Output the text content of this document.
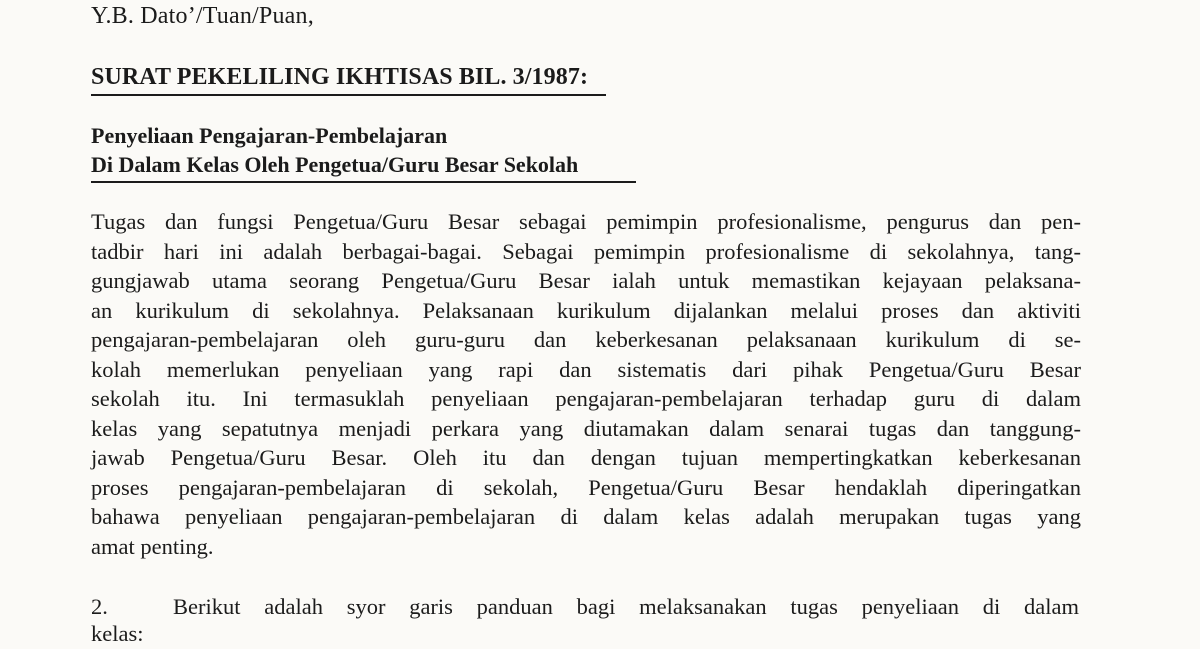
Y.B. Dato’/Tuan/Puan,
SURAT PEKELILING IKHTISAS BIL. 3/1987:
Penyeliaan Pengajaran-Pembelajaran
Di Dalam Kelas Oleh Pengetua/Guru Besar Sekolah
Tugas dan fungsi Pengetua/Guru Besar sebagai pemimpin profesionalisme, pengurus dan pen-
tadbir hari ini adalah berbagai-bagai. Sebagai pemimpin profesionalisme di sekolahnya, tang-
gungjawab utama seorang Pengetua/Guru Besar ialah untuk memastikan kejayaan pelaksana-
an kurikulum di sekolahnya. Pelaksanaan kurikulum dijalankan melalui proses dan aktiviti
pengajaran-pembelajaran oleh guru-guru dan keberkesanan pelaksanaan kurikulum di se-
kolah memerlukan penyeliaan yang rapi dan sistematis dari pihak Pengetua/Guru Besar
sekolah itu. Ini termasuklah penyeliaan pengajaran-pembelajaran terhadap guru di dalam
kelas yang sepatutnya menjadi perkara yang diutamakan dalam senarai tugas dan tanggung-
jawab Pengetua/Guru Besar. Oleh itu dan dengan tujuan mempertingkatkan keberkesanan
proses pengajaran-pembelajaran di sekolah, Pengetua/Guru Besar hendaklah diperingatkan
bahawa penyeliaan pengajaran-pembelajaran di dalam kelas adalah merupakan tugas yang
amat penting.
2.	Berikut adalah syor garis panduan bagi melaksanakan tugas penyeliaan di dalam
kelas:
